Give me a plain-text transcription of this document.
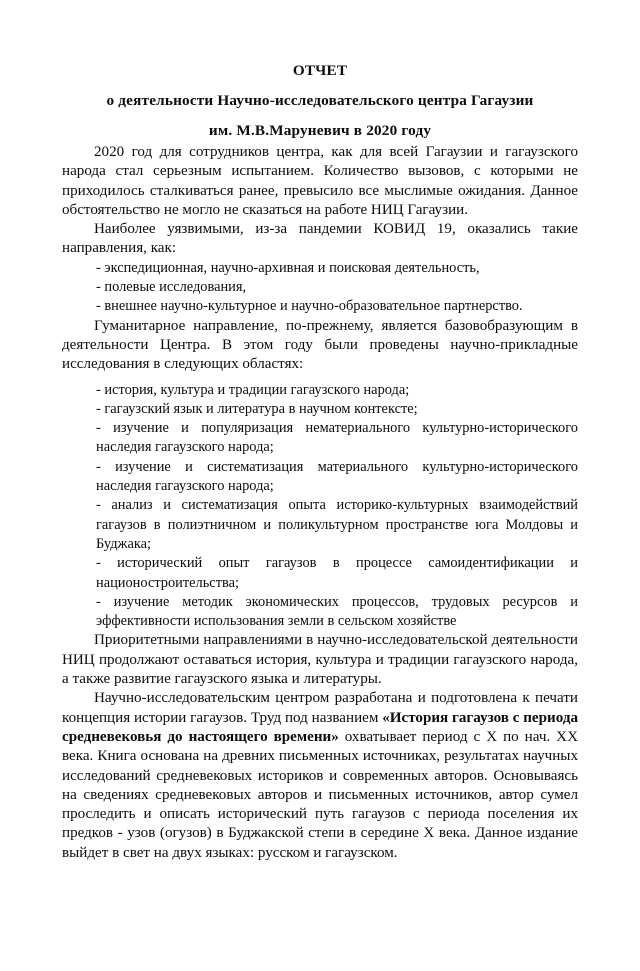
ОТЧЕТ
о деятельности Научно-исследовательского центра Гагаузии
им. М.В.Маруневич в 2020 году

2020 год для сотрудников центра, как для всей Гагаузии и гагаузского народа стал серьезным испытанием. Количество вызовов, с которыми не приходилось сталкиваться ранее, превысило все мыслимые ожидания. Данное обстоятельство не могло не сказаться на работе НИЦ Гагаузии.

Наиболее уязвимыми, из-за пандемии КОВИД 19, оказались такие направления, как:

- экспедиционная, научно-архивная и поисковая деятельность,
- полевые исследования,
- внешнее научно-культурное и научно-образовательное партнерство.

Гуманитарное направление, по-прежнему, является базовобразующим в деятельности Центра. В этом году были проведены научно-прикладные исследования в следующих областях:

- история, культура и традиции гагаузского народа;
- гагаузский язык и литература в научном контексте;
- изучение и популяризация нематериального культурно-исторического наследия гагаузского народа;
- изучение и систематизация материального культурно-исторического наследия гагаузского народа;
- анализ и систематизация опыта историко-культурных взаимодействий гагаузов в полиэтничном и поликультурном пространстве юга Молдовы и Буджака;
- исторический опыт гагаузов в процессе самоидентификации и национостроительства;
- изучение методик экономических процессов, трудовых ресурсов и эффективности использования земли в сельском хозяйстве

Приоритетными направлениями в научно-исследовательской деятельности НИЦ продолжают оставаться история, культура и традиции гагаузского народа, а также развитие гагаузского языка и литературы.

Научно-исследовательским центром разработана и подготовлена к печати концепция истории гагаузов. Труд под названием «История гагаузов с периода средневековья до настоящего времени» охватывает период с Х по нач. ХХ века. Книга основана на древних письменных источниках, результатах научных исследований средневековых историков и современных авторов. Основываясь на сведениях средневековых авторов и письменных источников, автор сумел проследить и описать исторический путь гагаузов с периода поселения их предков - узов (огузов) в Буджакской степи в середине Х века. Данное издание выйдет в свет на двух языках: русском и гагаузском.
